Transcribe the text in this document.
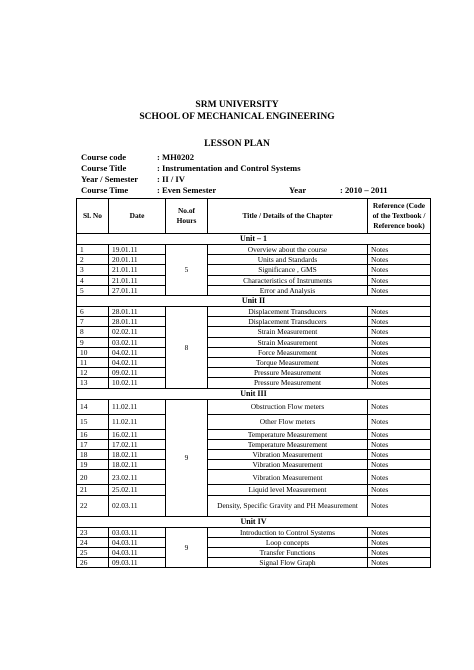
SRM UNIVERSITY
SCHOOL OF MECHANICAL ENGINEERING
LESSON PLAN
Course code	: MH0202
Course Title	: Instrumentation and Control Systems
Year / Semester : II / IV
Course Time	: Even Semester	Year	: 2010 – 2011
Sl. No	Date	No.of Hours	Title / Details of the Chapter	Reference (Code of the Textbook / Reference book)
Unit – 1				
1	19.01.11	5	Overview about the course	Notes
2	20.01.11		Units and Standards	Notes
3	21.01.11		Significance , GMS	Notes
4	21.01.11		Characteristics of Instruments	Notes
5	27.01.11		Error and Analysis	Notes
Unit II				
6	28.01.11	8	Displacement Transducers	Notes
7	28.01.11		Displacement Transducers	Notes
8	02.02.11		Strain Measurement	Notes
9	03.02.11		Strain Measurement	Notes
10	04.02.11		Force Measurement	Notes
11	04.02.11		Torque Measurement	Notes
12	09.02.11		Pressure Measurement	Notes
13	10.02.11		Pressure Measurement	Notes
Unit III				
14	11.02.11	9	Obstruction Flow meters	Notes
15	11.02.11		Other Flow meters	Notes
16	16.02.11		Temperature Measurement	Notes
17	17.02.11		Temperature Measurement	Notes
18	18.02.11		Vibration Measurement	Notes
19	18.02.11		Vibration Measurement	Notes
20	23.02.11		Vibration Measurement	Notes
21	25.02.11		Liquid level Measurement	Notes
22	02.03.11		Density, Specific Gravity and PH Measurement	Notes
Unit IV				
23	03.03.11	9	Introduction to Control Systems	Notes
24	04.03.11		Loop concepts	Notes
25	04.03.11		Transfer Functions	Notes
26	09.03.11		Signal Flow Graph	Notes
